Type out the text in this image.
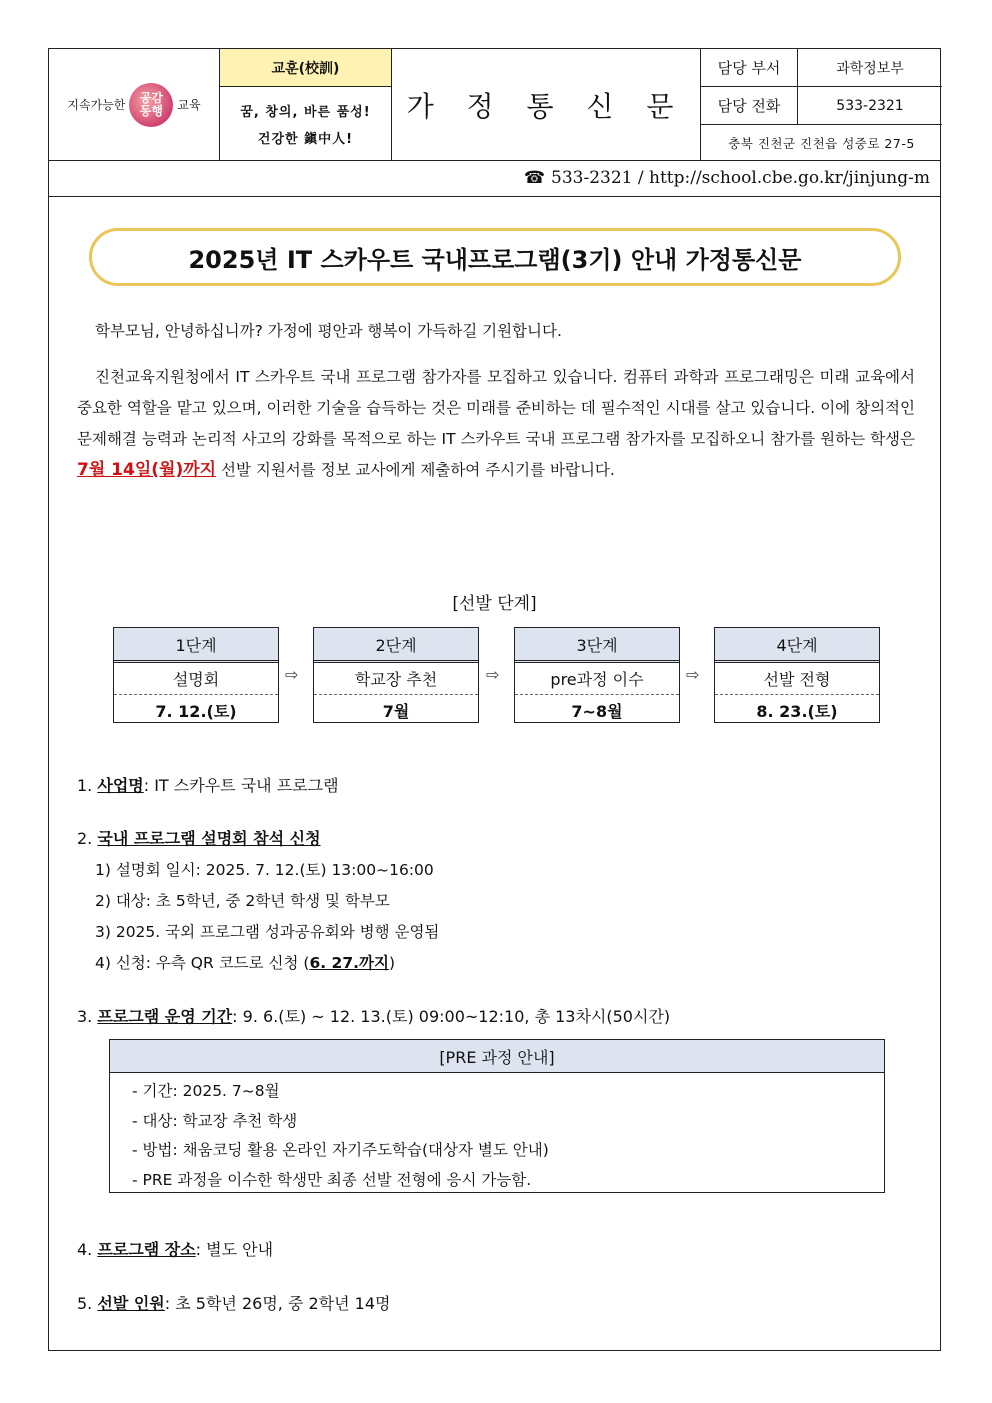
지속가능한
공감
동행 교육
교훈(校訓)
꿈, 창의, 바른 품성!
건강한 鎭中人!
가 정 통 신 문
담당 부서	과학정보부
담당 전화	533-2321
충북 진천군 진천읍 성중로 27-5
☎ 533-2321 / http://school.cbe.go.kr/jinjung-m
2025년 IT 스카우트 국내프로그램(3기) 안내 가정통신문
학부모님, 안녕하십니까? 가정에 평안과 행복이 가득하길 기원합니다.
진천교육지원청에서 IT 스카우트 국내 프로그램 참가자를 모집하고 있습니다. 컴퓨터 과학과 프로그래밍은 미래 교육에서 중요한 역할을 맡고 있으며, 이러한 기술을 습득하는 것은 미래를 준비하는 데 필수적인 시대를 살고 있습니다. 이에 창의적인 문제해결 능력과 논리적 사고의 강화를 목적으로 하는 IT 스카우트 국내 프로그램 참가자를 모집하오니 참가를 원하는 학생은 7월 14일(월)까지 선발 지원서를 정보 교사에게 제출하여 주시기를 바랍니다.
[선발 단계]
1단계
설명회
7. 12.(토)
⇨
2단계
학교장 추천
7월
⇨
3단계
pre과정 이수
7~8월
⇨
4단계
선발 전형
8. 23.(토)
1. 사업명: IT 스카우트 국내 프로그램
2. 국내 프로그램 설명회 참석 신청
1) 설명회 일시: 2025. 7. 12.(토) 13:00~16:00
2) 대상: 초 5학년, 중 2학년 학생 및 학부모
3) 2025. 국외 프로그램 성과공유회와 병행 운영됨
4) 신청: 우측 QR 코드로 신청 (6. 27.까지)
3. 프로그램 운영 기간: 9. 6.(토) ~ 12. 13.(토) 09:00~12:10, 총 13차시(50시간)
[PRE 과정 안내]
- 기간: 2025. 7~8월
- 대상: 학교장 추천 학생
- 방법: 채움코딩 활용 온라인 자기주도학습(대상자 별도 안내)
- PRE 과정을 이수한 학생만 최종 선발 전형에 응시 가능함.
4. 프로그램 장소: 별도 안내
5. 선발 인원: 초 5학년 26명, 중 2학년 14명
